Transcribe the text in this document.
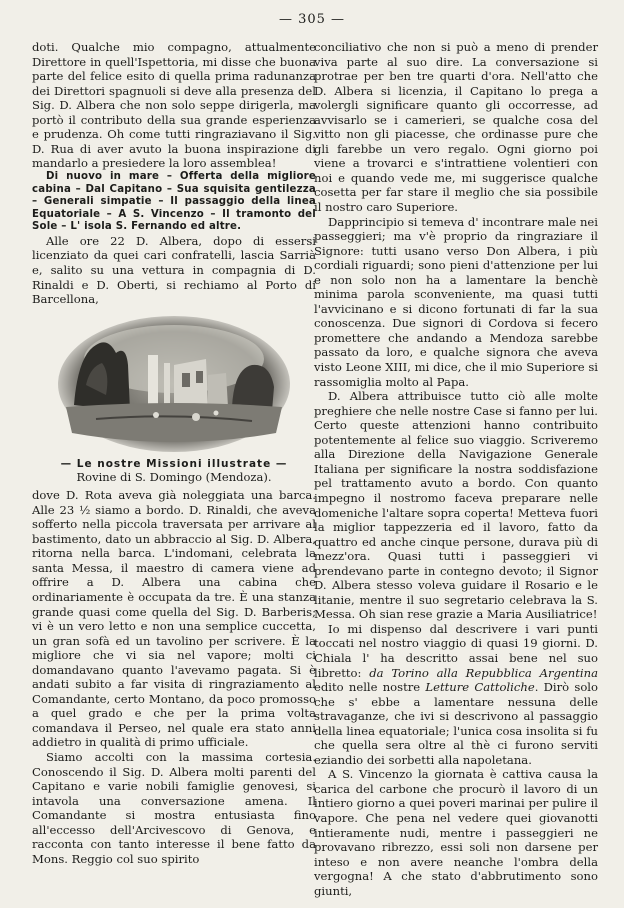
— 305 —

doti. Qualche mio compagno, attualmente Direttore in quell'Ispettoria, mi disse che buona parte del felice esito di quella prima radunanza dei Direttori spagnuoli si deve alla presenza del Sig. D. Albera che non solo seppe dirigerla, ma portò il contributo della sua grande esperienza e prudenza. Oh come tutti ringraziavano il Sig. D. Rua di aver avuto la buona inspirazione di mandarlo a presiedere la loro assemblea!

Di nuovo in mare – Offerta della migliore cabina – Dal Capitano – Sua squisita gentilezza – Generali simpatie – Il passaggio della linea Equatoriale – A S. Vincenzo – Il tramonto del Sole – L' isola S. Fernando ed altre.

Alle ore 22 D. Albera, dopo di essersi licenziato da quei cari confratelli, lascia Sarrià e, salito su una vettura in compagnia di D. Rinaldi e D. Oberti, si rechiamo al Porto di Barcellona,

— Le nostre Missioni illustrate —
Rovine di S. Domingo (Mendoza).

dove D. Rota aveva già noleggiata una barca. Alle 23 ½ siamo a bordo. D. Rinaldi, che aveva sofferto nella piccola traversata per arrivare al bastimento, dato un abbraccio al Sig. D. Albera, ritorna nella barca. L'indomani, celebrata la santa Messa, il maestro di camera viene ad offrire a D. Albera una cabina che ordinariamente è occupata da tre. È una stanza grande quasi come quella del Sig. D. Barberis; vi è un vero letto e non una semplice cuccetta, un gran sofà ed un tavolino per scrivere. È la migliore che vi sia nel vapore; molti ci domandavano quanto l'avevamo pagata. Si è andati subito a far visita di ringraziamento al Comandante, certo Montano, da poco promosso a quel grado e che per la prima volta comandava il Perseo, nel quale era stato anni addietro in qualità di primo ufficiale.

Siamo accolti con la massima cortesia. Conoscendo il Sig. D. Albera molti parenti del Capitano e varie nobili famiglie genovesi, si intavola una conversazione amena. Il Comandante si mostra entusiasta fino all'eccesso dell'Arcivescovo di Genova, e racconta con tanto interesse il bene fatto da Mons. Reggio col suo spirito

conciliativo che non si può a meno di prender viva parte al suo dire. La conversazione si protrae per ben tre quarti d'ora. Nell'atto che D. Albera si licenzia, il Capitano lo prega a volergli significare quanto gli occorresse, ad avvisarlo se i camerieri, se qualche cosa del vitto non gli piacesse, che ordinasse pure che gli farebbe un vero regalo. Ogni giorno poi viene a trovarci e s'intrattiene volentieri con noi e quando vede me, mi suggerisce qualche cosetta per far stare il meglio che sia possibile il nostro caro Superiore.

Dapprincipio si temeva d' incontrare male nei passeggieri; ma v'è proprio da ringraziare il Signore: tutti usano verso Don Albera, i più cordiali riguardi; sono pieni d'attenzione per lui e non solo non ha a lamentare la benchè minima parola sconveniente, ma quasi tutti l'avvicinano e si dicono fortunati di far la sua conoscenza. Due signori di Cordova si fecero promettere che andando a Mendoza sarebbe passato da loro, e qualche signora che aveva visto Leone XIII, mi dice, che il mio Superiore si rassomiglia molto al Papa.

D. Albera attribuisce tutto ciò alle molte preghiere che nelle nostre Case si fanno per lui. Certo queste attenzioni hanno contribuito potentemente al felice suo viaggio. Scriveremo alla Direzione della Navigazione Generale Italiana per significare la nostra soddisfazione pel trattamento avuto a bordo. Con quanto impegno il nostromo faceva preparare nelle domeniche l'altare sopra coperta! Metteva fuori la miglior tappezzeria ed il lavoro, fatto da quattro ed anche cinque persone, durava più di mezz'ora. Quasi tutti i passeggieri vi prendevano parte in contegno devoto; il Signor D. Albera stesso voleva guidare il Rosario e le litanie, mentre il suo segretario celebrava la S. Messa. Oh sian rese grazie a Maria Ausiliatrice!

Io mi dispenso dal descrivere i vari punti toccati nel nostro viaggio di quasi 19 giorni. D. Chiala l' ha descritto assai bene nel suo libretto: da Torino alla Repubblica Argentina edito nelle nostre Letture Cattoliche. Dirò solo che s' ebbe a lamentare nessuna delle stravaganze, che ivi si descrivono al passaggio della linea equatoriale; l'unica cosa insolita si fu che quella sera oltre al thè ci furono serviti eziandio dei sorbetti alla napoletana.

A S. Vincenzo la giornata è cattiva causa la carica del carbone che procurò il lavoro di un intiero giorno a quei poveri marinai per pulire il vapore. Che pena nel vedere quei giovanotti intieramente nudi, mentre i passeggieri ne provavano ribrezzo, essi soli non darsene per inteso e non avere neanche l'ombra della vergogna! A che stato d'abbrutimento sono giunti,
